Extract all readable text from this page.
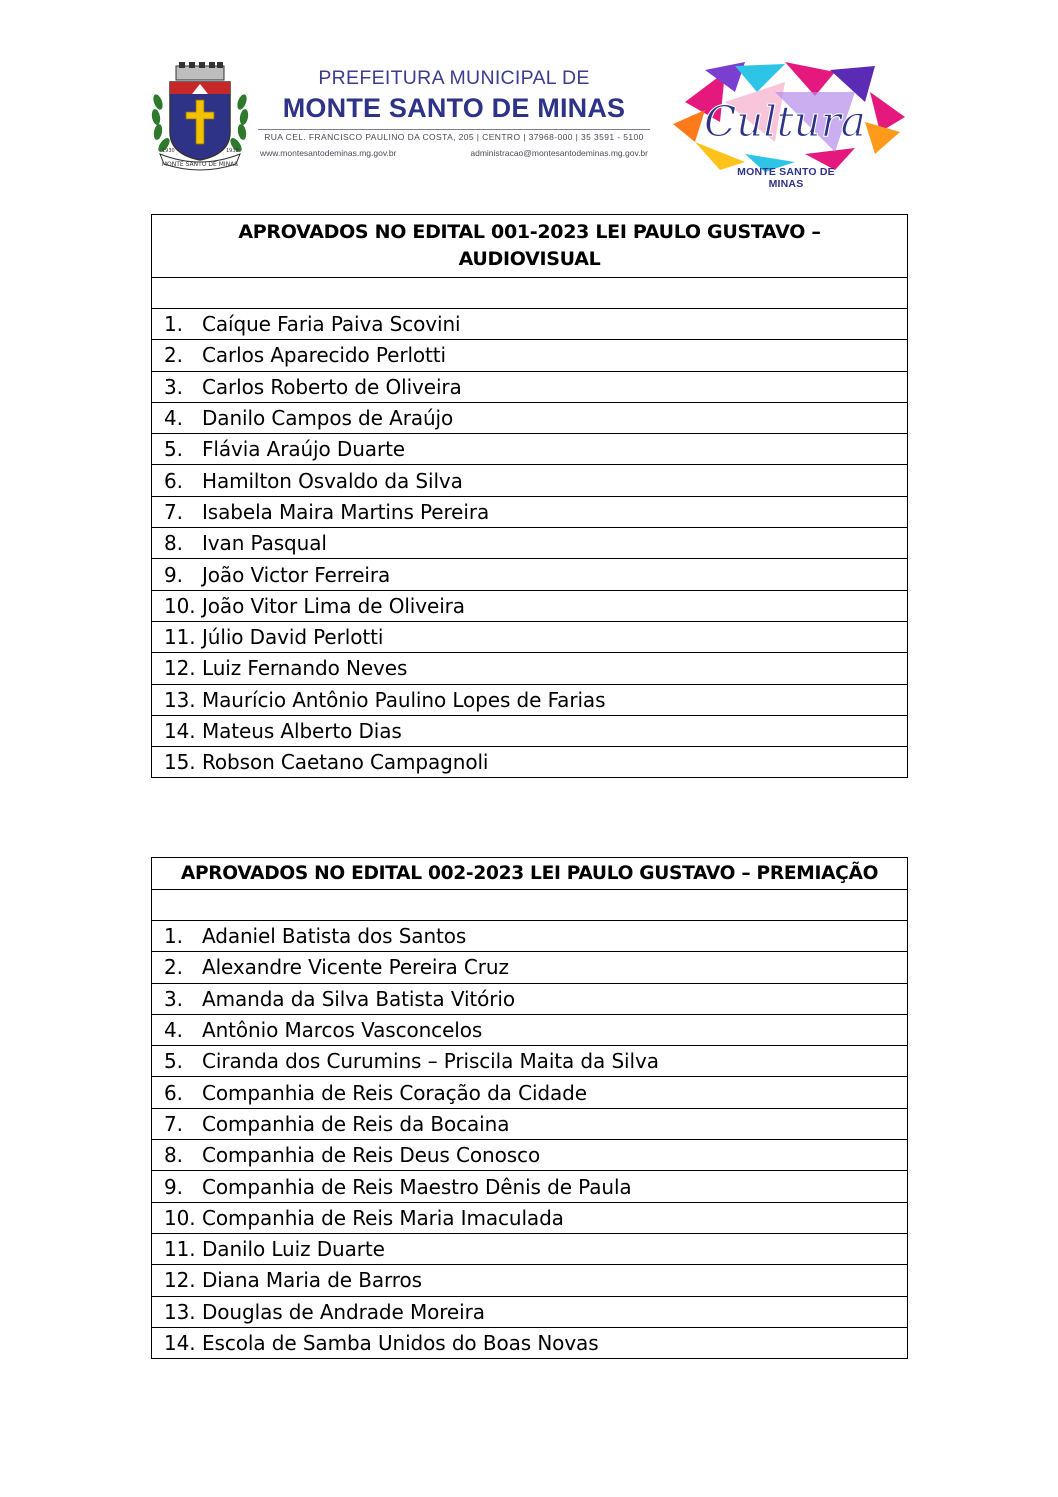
MONTE SANTO DE MINAS
1930	1938
PREFEITURA MUNICIPAL DE
MONTE SANTO DE MINAS
RUA CEL. FRANCISCO PAULINO DA COSTA, 205 | CENTRO | 37968-000 | 35 3591 - 5100
www.montesantodeminas.mg.gov.br	administracao@montesantodeminas.mg.gov.br
Cultura
MONTE SANTO DE MINAS
APROVADOS NO EDITAL 001-2023 LEI PAULO GUSTAVO –
AUDIOVISUAL
1. Caíque Faria Paiva Scovini
2. Carlos Aparecido Perlotti
3. Carlos Roberto de Oliveira
4. Danilo Campos de Araújo
5. Flávia Araújo Duarte
6. Hamilton Osvaldo da Silva
7. Isabela Maira Martins Pereira
8. Ivan Pasqual
9. João Victor Ferreira
10. João Vitor Lima de Oliveira
11. Júlio David Perlotti
12. Luiz Fernando Neves
13. Maurício Antônio Paulino Lopes de Farias
14. Mateus Alberto Dias
15. Robson Caetano Campagnoli
APROVADOS NO EDITAL 002-2023 LEI PAULO GUSTAVO – PREMIAÇÃO
1. Adaniel Batista dos Santos
2. Alexandre Vicente Pereira Cruz
3. Amanda da Silva Batista Vitório
4. Antônio Marcos Vasconcelos
5. Ciranda dos Curumins – Priscila Maita da Silva
6. Companhia de Reis Coração da Cidade
7. Companhia de Reis da Bocaina
8. Companhia de Reis Deus Conosco
9. Companhia de Reis Maestro Dênis de Paula
10. Companhia de Reis Maria Imaculada
11. Danilo Luiz Duarte
12. Diana Maria de Barros
13. Douglas de Andrade Moreira
14. Escola de Samba Unidos do Boas Novas
